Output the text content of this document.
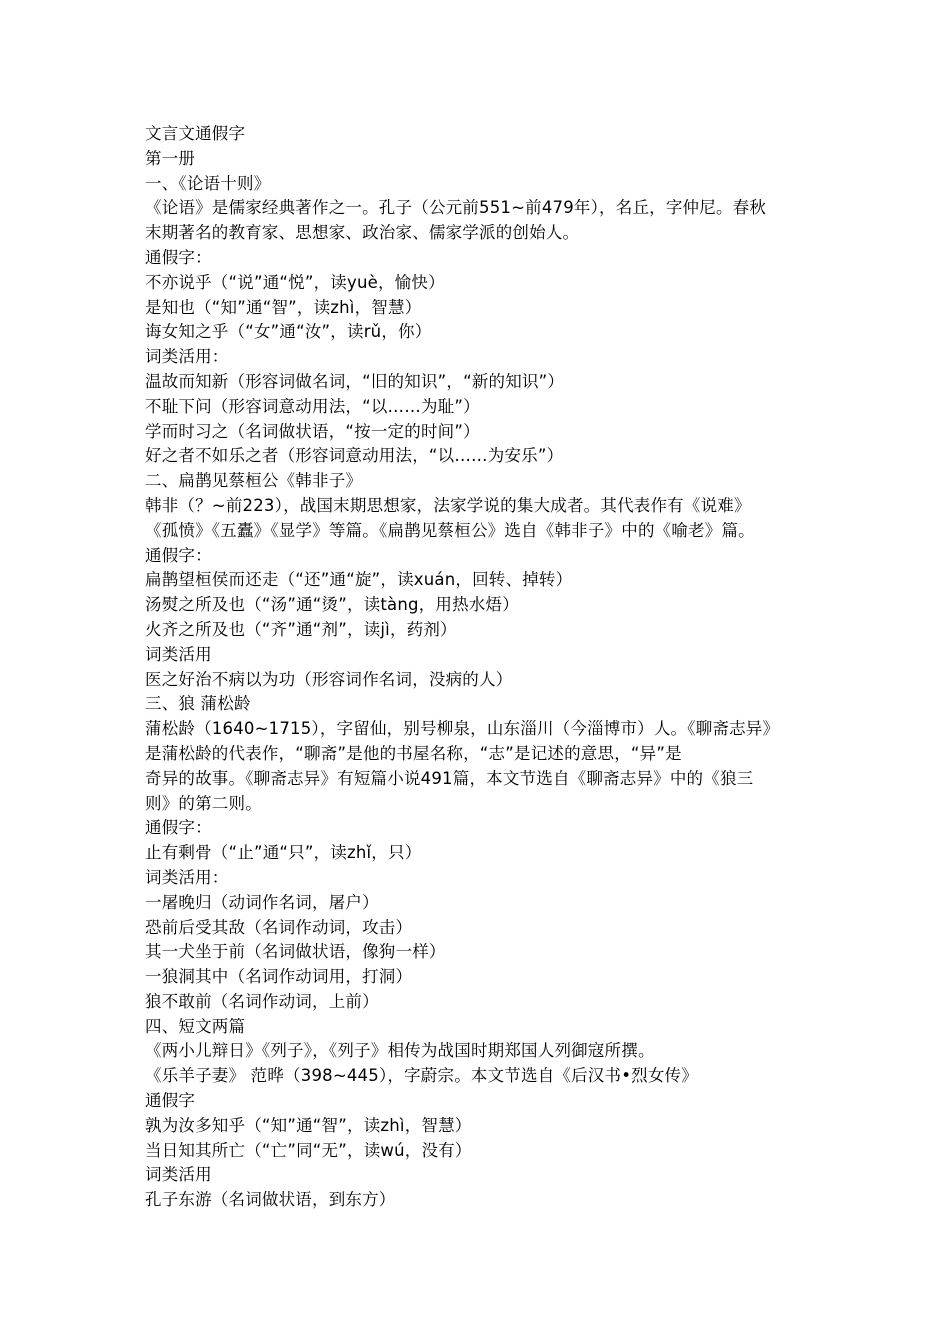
文言文通假字
第一册
一、《论语十则》
《论语》是儒家经典著作之一。孔子（公元前551~前479年），名丘，字仲尼。春秋
末期著名的教育家、思想家、政治家、儒家学派的创始人。
通假字：
不亦说乎（“说”通“悦”，读yuè，愉快）
是知也（“知”通“智”，读zhì，智慧）
诲女知之乎（“女”通“汝”，读rǔ，你）
词类活用：
温故而知新（形容词做名词，“旧的知识”，“新的知识”）
不耻下问（形容词意动用法，“以……为耻”）
学而时习之（名词做状语，“按一定的时间”）
好之者不如乐之者（形容词意动用法，“以……为安乐”）
二、扁鹊见蔡桓公《韩非子》
韩非（？~前223），战国末期思想家，法家学说的集大成者。其代表作有《说难》
《孤愤》《五蠹》《显学》等篇。《扁鹊见蔡桓公》选自《韩非子》中的《喻老》篇。
通假字：
扁鹊望桓侯而还走（“还”通“旋”，读xuán，回转、掉转）
汤熨之所及也（“汤”通“烫”，读tàng，用热水焐）
火齐之所及也（“齐”通“剂”，读jì，药剂）
词类活用
医之好治不病以为功（形容词作名词，没病的人）
三、狼 蒲松龄
蒲松龄（1640~1715），字留仙，别号柳泉，山东淄川（今淄博市）人。《聊斋志异》
是蒲松龄的代表作，“聊斋”是他的书屋名称，“志”是记述的意思，“异”是
奇异的故事。《聊斋志异》有短篇小说491篇，本文节选自《聊斋志异》中的《狼三
则》的第二则。
通假字：
止有剩骨（“止”通“只”，读zhǐ，只）
词类活用：
一屠晚归（动词作名词，屠户）
恐前后受其敌（名词作动词，攻击）
其一犬坐于前（名词做状语，像狗一样）
一狼洞其中（名词作动词用，打洞）
狼不敢前（名词作动词，上前）
四、短文两篇
《两小儿辩日》《列子》，《列子》相传为战国时期郑国人列御寇所撰。
《乐羊子妻》 范晔（398~445），字蔚宗。本文节选自《后汉书•烈女传》
通假字
孰为汝多知乎（“知”通“智”，读zhì，智慧）
当日知其所亡（“亡”同“无”，读wú，没有）
词类活用
孔子东游（名词做状语，到东方）
